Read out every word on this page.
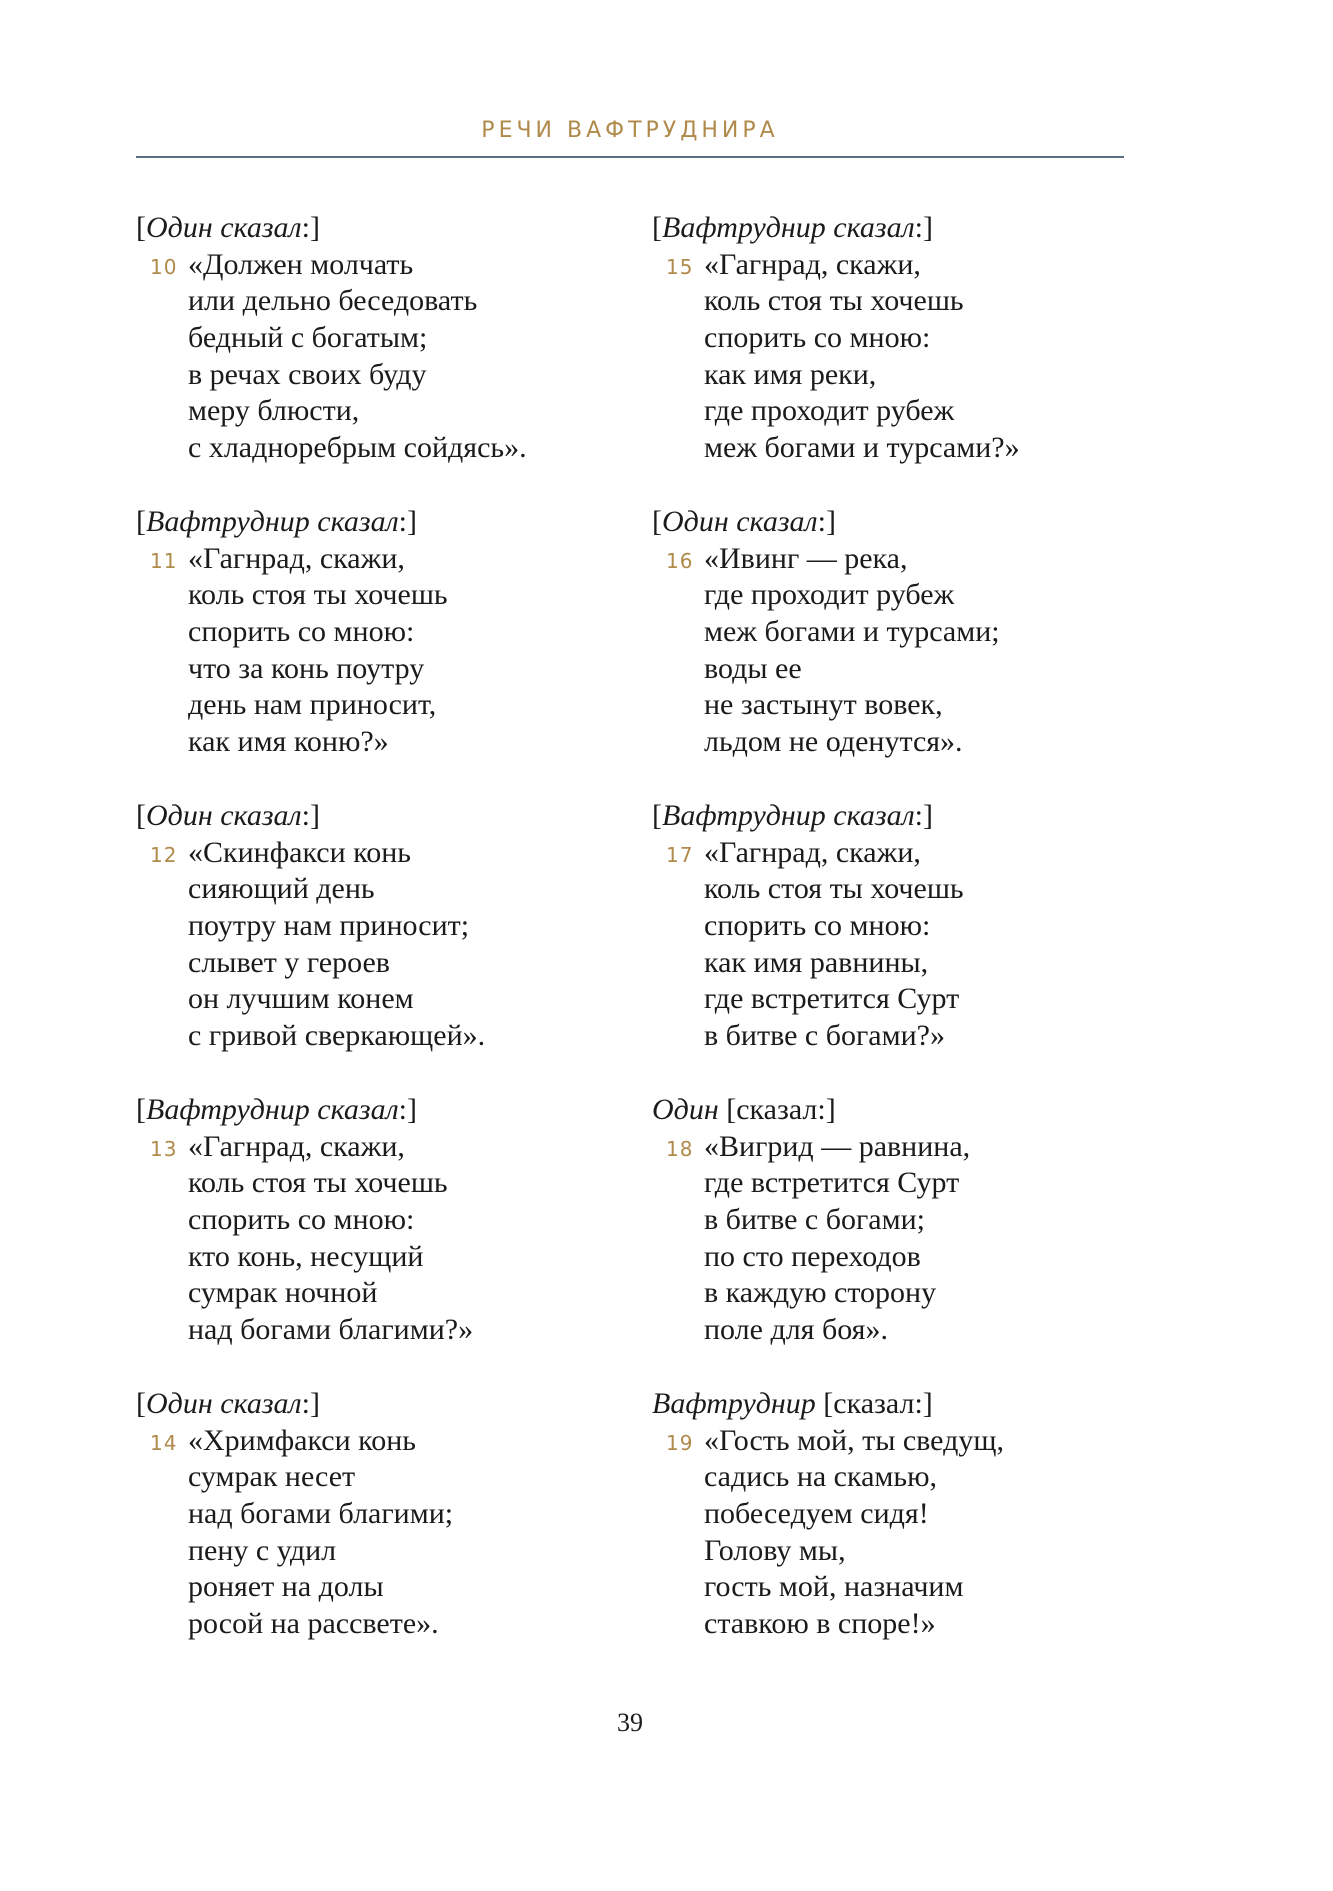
РЕЧИ ВАФТРУДНИРА
[Один сказал:]
10 «Должен молчать
или дельно беседовать
бедный с богатым;
в речах своих буду
меру блюсти,
с хладноребрым сойдясь».
[Вафтруднир сказал:]
11 «Гагнрад, скажи,
коль стоя ты хочешь
спорить со мною:
что за конь поутру
день нам приносит,
как имя коню?»
[Один сказал:]
12 «Скинфакси конь
сияющий день
поутру нам приносит;
слывет у героев
он лучшим конем
с гривой сверкающей».
[Вафтруднир сказал:]
13 «Гагнрад, скажи,
коль стоя ты хочешь
спорить со мною:
кто конь, несущий
сумрак ночной
над богами благими?»
[Один сказал:]
14 «Хримфакси конь
сумрак несет
над богами благими;
пену с удил
роняет на долы
росой на рассвете».
[Вафтруднир сказал:]
15 «Гагнрад, скажи,
коль стоя ты хочешь
спорить со мною:
как имя реки,
где проходит рубеж
меж богами и турсами?»
[Один сказал:]
16 «Ивинг — река,
где проходит рубеж
меж богами и турсами;
воды ее
не застынут вовек,
льдом не оденутся».
[Вафтруднир сказал:]
17 «Гагнрад, скажи,
коль стоя ты хочешь
спорить со мною:
как имя равнины,
где встретится Сурт
в битве с богами?»
Один [сказал:]
18 «Вигрид — равнина,
где встретится Сурт
в битве с богами;
по сто переходов
в каждую сторону
поле для боя».
Вафтруднир [сказал:]
19 «Гость мой, ты сведущ,
садись на скамью,
побеседуем сидя!
Голову мы,
гость мой, назначим
ставкою в споре!»
39
